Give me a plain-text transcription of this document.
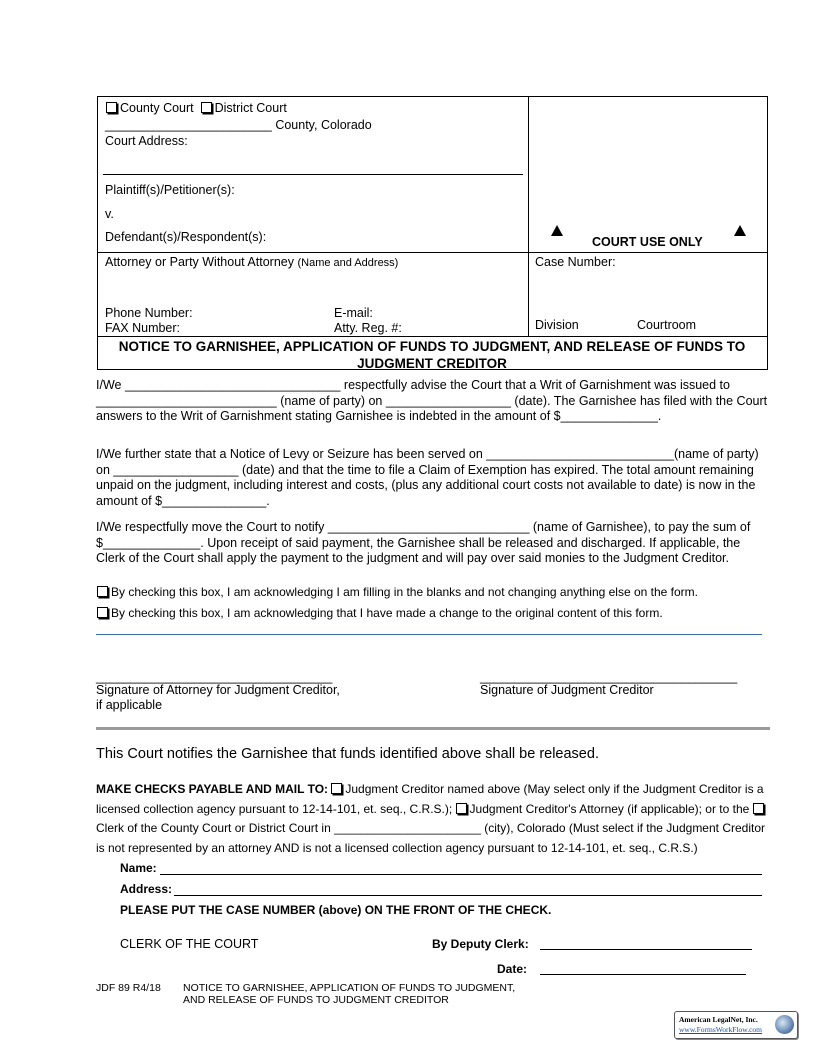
County Court District Court
________________________ County, Colorado
Court Address:
Plaintiff(s)/Petitioner(s):
v.
Defendant(s)/Respondent(s):	COURT USE ONLY
Attorney or Party Without Attorney (Name and Address)
Phone Number:	E-mail:
FAX Number:	Atty. Reg. #:
Case Number:
Division	Courtroom
NOTICE TO GARNISHEE, APPLICATION OF FUNDS TO JUDGMENT, AND RELEASE OF FUNDS TO JUDGMENT CREDITOR
I/We _______________________________ respectfully advise the Court that a Writ of Garnishment was issued to __________________________ (name of party) on __________________ (date). The Garnishee has filed with the Court answers to the Writ of Garnishment stating Garnishee is indebted in the amount of $______________.
I/We further state that a Notice of Levy or Seizure has been served on ___________________________(name of party) on __________________ (date) and that the time to file a Claim of Exemption has expired. The total amount remaining unpaid on the judgment, including interest and costs, (plus any additional court costs not available to date) is now in the amount of $_______________.
I/We respectfully move the Court to notify _____________________________ (name of Garnishee), to pay the sum of $______________. Upon receipt of said payment, the Garnishee shall be released and discharged. If applicable, the Clerk of the Court shall apply the payment to the judgment and will pay over said monies to the Judgment Creditor.
By checking this box, I am acknowledging I am filling in the blanks and not changing anything else on the form.
By checking this box, I am acknowledging that I have made a change to the original content of this form.
__________________________________	_____________________________________
Signature of Attorney for Judgment Creditor,
if applicable
Signature of Judgment Creditor
This Court notifies the Garnishee that funds identified above shall be released.
MAKE CHECKS PAYABLE AND MAIL TO: Judgment Creditor named above (May select only if the Judgment Creditor is a licensed collection agency pursuant to 12-14-101, et. seq., C.R.S.); Judgment Creditor's Attorney (if applicable); or to the Clerk of the County Court or District Court in ______________________ (city), Colorado (Must select if the Judgment Creditor is not represented by an attorney AND is not a licensed collection agency pursuant to 12-14-101, et. seq., C.R.S.)
Name:
Address:
PLEASE PUT THE CASE NUMBER (above) ON THE FRONT OF THE CHECK.
CLERK OF THE COURT	By Deputy Clerk:
Date:
JDF 89 R4/18 NOTICE TO GARNISHEE, APPLICATION OF FUNDS TO JUDGMENT,
AND RELEASE OF FUNDS TO JUDGMENT CREDITOR
American LegalNet, Inc.
www.FormsWorkFlow.com
